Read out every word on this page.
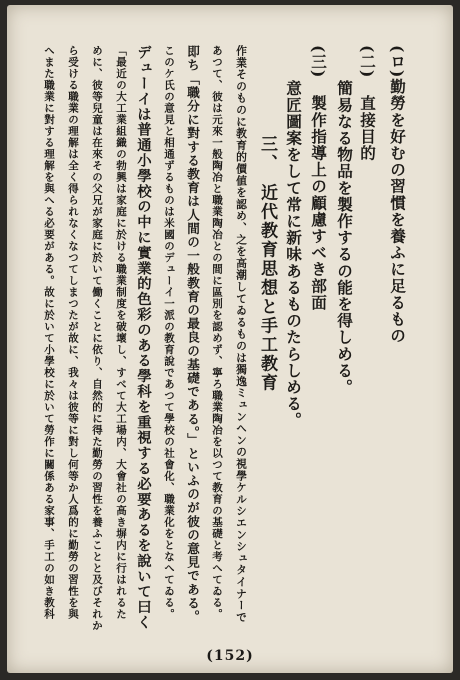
(ロ)勤勞を好むの習慣を養ふに足るもの
(二)　直接目的
簡易なる物品を製作するの能を得しめる。
(三)　製作指導上の顧慮すべき部面
意匠圖案をして常に新味あるものたらしめる。
三、　近代教育思想と手工教育
作業そのものに教育的價値を認め、之を高潮してゐるものは獨逸ミュンヘンの視學ケルシエンシュタイナーで
あつて、彼は元來一般陶冶と職業陶冶との間に區別を認めず、寧ろ職業陶冶を以つて教育の基礎と考へてゐる。
即ち「職分に對する教育は人間の一般教育の最良の基礎である。」といふのが彼の意見である。
このケ氏の意見と相通ずるものは米國のデューイ一派の教育說であつて學校の社會化、職業化をとなへてゐる。
デューイは普通小學校の中に實業的色彩のある學科を重視する必要あるを說いて曰く
「最近の大工業組織の勃興は家庭に於ける職業制度を破壞し、すべて大工場内、大會社の高き塀内に行はれるた
めに、彼等兒童は在來その父兄が家庭に於いて働くことに依り、自然的に得た勤勞の習性を養ふことと及びそれか
ら受ける職業の理解は全く得られなくなつてしまつたが故に、我々は彼等に對し何等か人爲的に勤勞の習性を與
へまた職業に對する理解を與へる必要がある。故に於いて小學校に於いて勞作に關係ある家事、手工の如き教科
(152)
